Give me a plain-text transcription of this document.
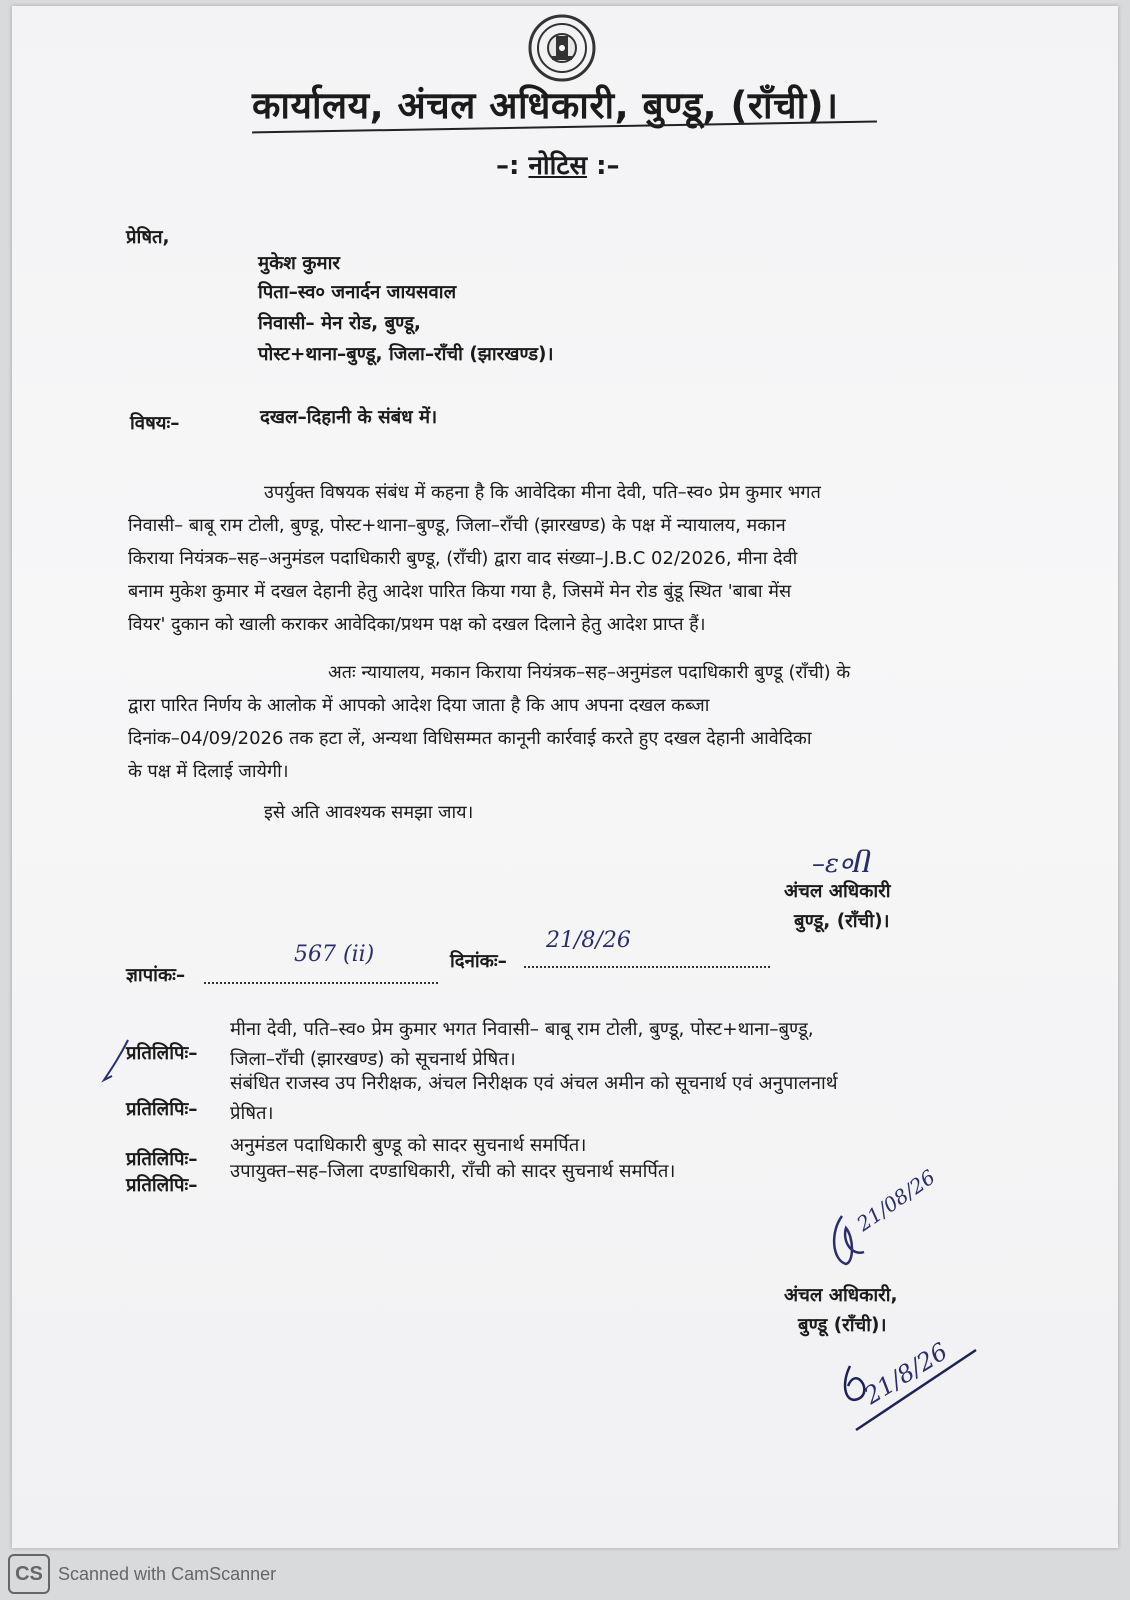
कार्यालय, अंचल अधिकारी, बुण्डू, (राँची)।
–: नोटिस :–
प्रेषित,
मुकेश कुमार
पिता–स्व० जनार्दन जायसवाल
निवासी– मेन रोड, बुण्डू,
पोस्ट+थाना–बुण्डू, जिला–राँची (झारखण्ड)।
विषयः–	दखल–दिहानी के संबंध में।
उपर्युक्त विषयक संबंध में कहना है कि आवेदिका मीना देवी, पति–स्व० प्रेम कुमार भगत
निवासी– बाबू राम टोली, बुण्डू, पोस्ट+थाना–बुण्डू, जिला–राँची (झारखण्ड) के पक्ष में न्यायालय, मकान
किराया नियंत्रक–सह–अनुमंडल पदाधिकारी बुण्डू, (राँची) द्वारा वाद संख्या–J.B.C 02/2026, मीना देवी
बनाम मुकेश कुमार में दखल देहानी हेतु आदेश पारित किया गया है, जिसमें मेन रोड बुंडू स्थित 'बाबा मेंस
वियर' दुकान को खाली कराकर आवेदिका/प्रथम पक्ष को दखल दिलाने हेतु आदेश प्राप्त हैं।
अतः न्यायालय, मकान किराया नियंत्रक–सह–अनुमंडल पदाधिकारी बुण्डू (राँची) के
द्वारा पारित निर्णय के आलोक में आपको आदेश दिया जाता है कि आप अपना दखल कब्जा
दिनांक–04/09/2026 तक हटा लें, अन्यथा विधिसम्मत कानूनी कार्रवाई करते हुए दखल देहानी आवेदिका
के पक्ष में दिलाई जायेगी।
इसे अति आवश्यक समझा जाय।
–ε०Ⴖ
अंचल अधिकारी
बुण्डू, (राँची)।
ज्ञापांकः–
567 (ii)	दिनांकः–
21/8/26
प्रतिलिपिः–
मीना देवी, पति–स्व० प्रेम कुमार भगत निवासी– बाबू राम टोली, बुण्डू, पोस्ट+थाना–बुण्डू,
जिला–राँची (झारखण्ड) को सूचनार्थ प्रेषित।
प्रतिलिपिः–
संबंधित राजस्व उप निरीक्षक, अंचल निरीक्षक एवं अंचल अमीन को सूचनार्थ एवं अनुपालनार्थ
प्रेषित।
प्रतिलिपिः–
अनुमंडल पदाधिकारी बुण्डू को सादर सुचनार्थ समर्पित।
प्रतिलिपिः–
उपायुक्त–सह–जिला दण्डाधिकारी, राँची को सादर सुचनार्थ समर्पित।	21/08/26
अंचल अधिकारी,
बुण्डू (राँची)।
21/8/26
CS Scanned with CamScanner
